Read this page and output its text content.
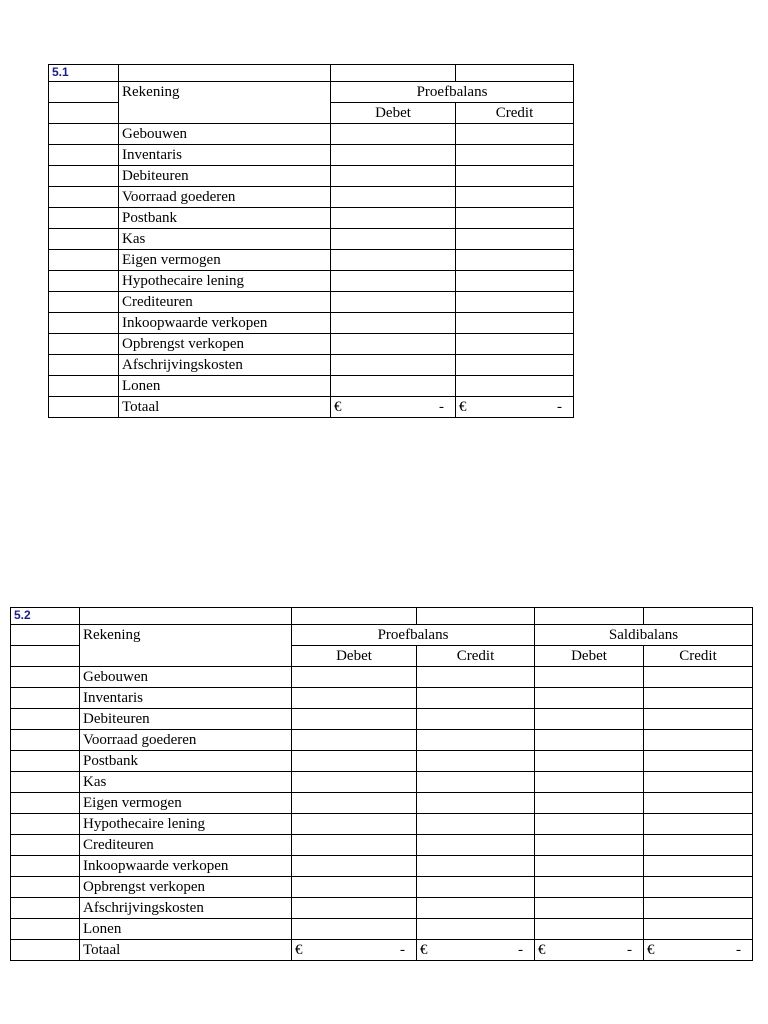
5.1			
	Rekening	Proefbalans	
		Debet	Credit
	Gebouwen		
	Inventaris		
	Debiteuren		
	Voorraad goederen		
	Postbank		
	Kas		
	Eigen vermogen		
	Hypothecaire lening		
	Crediteuren		
	Inkoopwaarde verkopen		
	Opbrengst verkopen		
	Afschrijvingskosten		
	Lonen		
	Totaal	€ -	€ -
5.2					
	Rekening	Proefbalans		Saldibalans	
		Debet	Credit	Debet	Credit
	Gebouwen				
	Inventaris				
	Debiteuren				
	Voorraad goederen				
	Postbank				
	Kas				
	Eigen vermogen				
	Hypothecaire lening				
	Crediteuren				
	Inkoopwaarde verkopen				
	Opbrengst verkopen				
	Afschrijvingskosten				
	Lonen				
	Totaal	€ -	€ -	€ -	€ -
